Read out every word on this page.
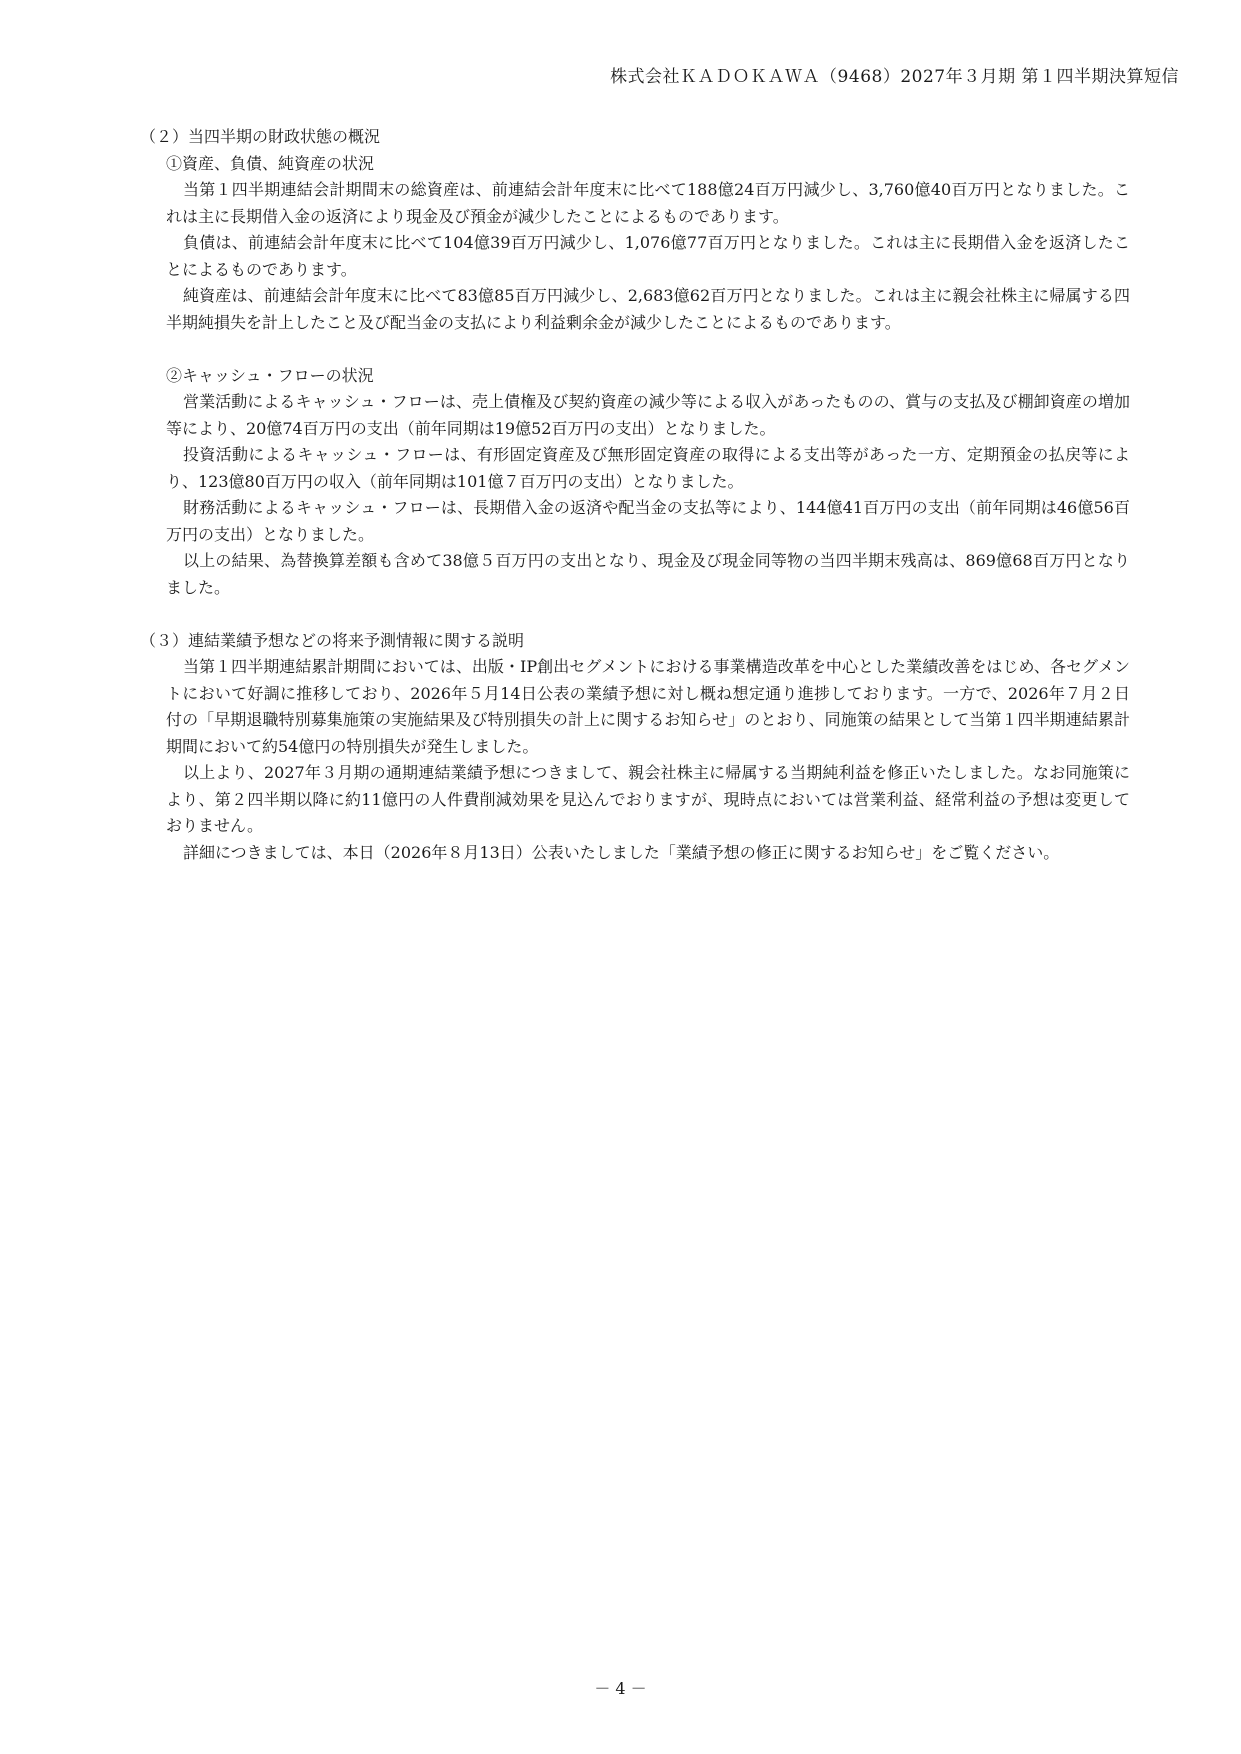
株式会社ＫＡＤＯＫＡＷＡ（9468）2027年３月期 第１四半期決算短信
（２）当四半期の財政状態の概況
①資産、負債、純資産の状況

当第１四半期連結会計期間末の総資産は、前連結会計年度末に比べて188億24百万円減少し、3,760億40百万円となりました。これは主に長期借入金の返済により現金及び預金が減少したことによるものであります。

負債は、前連結会計年度末に比べて104億39百万円減少し、1,076億77百万円となりました。これは主に長期借入金を返済したことによるものであります。

純資産は、前連結会計年度末に比べて83億85百万円減少し、2,683億62百万円となりました。これは主に親会社株主に帰属する四半期純損失を計上したこと及び配当金の支払により利益剰余金が減少したことによるものであります。

②キャッシュ・フローの状況

営業活動によるキャッシュ・フローは、売上債権及び契約資産の減少等による収入があったものの、賞与の支払及び棚卸資産の増加等により、20億74百万円の支出（前年同期は19億52百万円の支出）となりました。

投資活動によるキャッシュ・フローは、有形固定資産及び無形固定資産の取得による支出等があった一方、定期預金の払戻等により、123億80百万円の収入（前年同期は101億７百万円の支出）となりました。

財務活動によるキャッシュ・フローは、長期借入金の返済や配当金の支払等により、144億41百万円の支出（前年同期は46億56百万円の支出）となりました。

以上の結果、為替換算差額も含めて38億５百万円の支出となり、現金及び現金同等物の当四半期末残高は、869億68百万円となりました。

（３）連結業績予想などの将来予測情報に関する説明

当第１四半期連結累計期間においては、出版・IP創出セグメントにおける事業構造改革を中心とした業績改善をはじめ、各セグメントにおいて好調に推移しており、2026年５月14日公表の業績予想に対し概ね想定通り進捗しております。一方で、2026年７月２日付の「早期退職特別募集施策の実施結果及び特別損失の計上に関するお知らせ」のとおり、同施策の結果として当第１四半期連結累計期間において約54億円の特別損失が発生しました。

以上より、2027年３月期の通期連結業績予想につきまして、親会社株主に帰属する当期純利益を修正いたしました。なお同施策により、第２四半期以降に約11億円の人件費削減効果を見込んでおりますが、現時点においては営業利益、経常利益の予想は変更しておりません。

詳細につきましては、本日（2026年８月13日）公表いたしました「業績予想の修正に関するお知らせ」をご覧ください。

－ 4 －
